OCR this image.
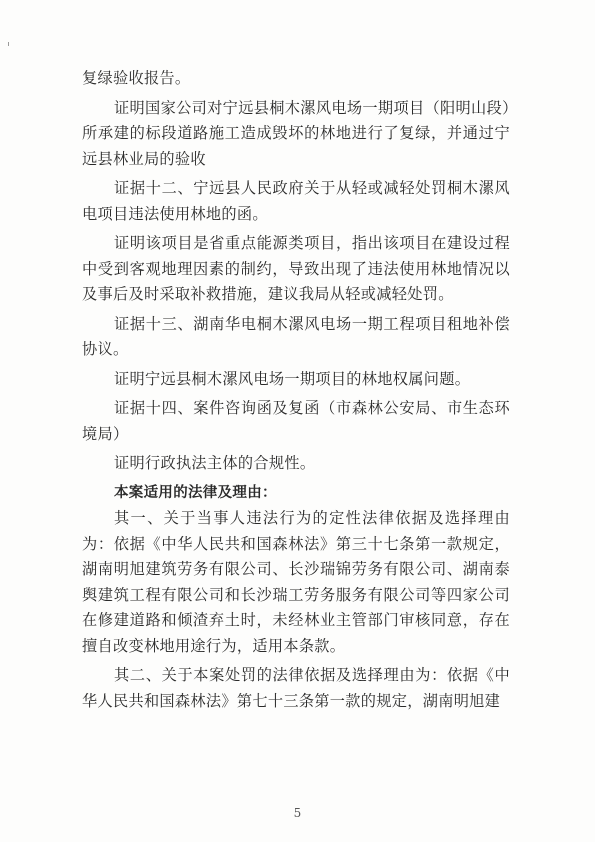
复绿验收报告。

证明国家公司对宁远县桐木漯风电场一期项目（阳明山段）所承建的标段道路施工造成毁坏的林地进行了复绿，并通过宁远县林业局的验收

证据十二、宁远县人民政府关于从轻或减轻处罚桐木漯风电项目违法使用林地的函。

证明该项目是省重点能源类项目，指出该项目在建设过程中受到客观地理因素的制约，导致出现了违法使用林地情况以及事后及时采取补救措施，建议我局从轻或减轻处罚。

证据十三、湖南华电桐木漯风电场一期工程项目租地补偿协议。

证明宁远县桐木漯风电场一期项目的林地权属问题。

证据十四、案件咨询函及复函（市森林公安局、市生态环境局）

证明行政执法主体的合规性。

本案适用的法律及理由：

其一、关于当事人违法行为的定性法律依据及选择理由为：依据《中华人民共和国森林法》第三十七条第一款规定，湖南明旭建筑劳务有限公司、长沙瑞锦劳务有限公司、湖南泰舆建筑工程有限公司和长沙瑞工劳务服务有限公司等四家公司在修建道路和倾渣弃土时，未经林业主管部门审核同意，存在擅自改变林地用途行为，适用本条款。

其二、关于本案处罚的法律依据及选择理由为：依据《中华人民共和国森林法》第七十三条第一款的规定，湖南明旭建

5
